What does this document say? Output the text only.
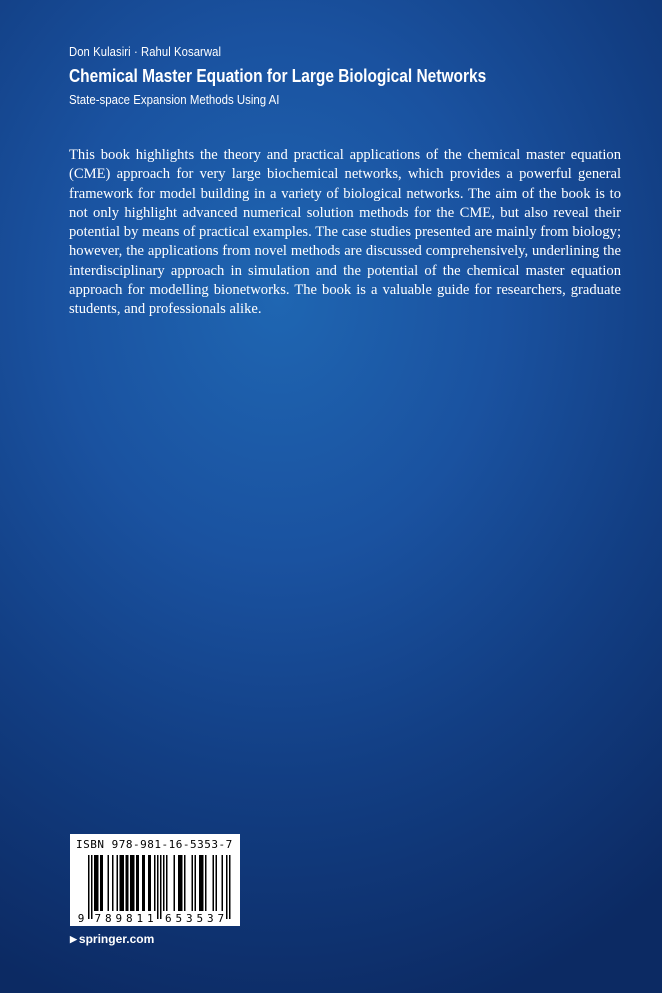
Don Kulasiri · Rahul Kosarwal
Chemical Master Equation for Large Biological Networks
State-space Expansion Methods Using AI

This book highlights the theory and practical applications of the chemical master equation (CME) approach for very large biochemical networks, which provides a powerful general framework for model building in a variety of biological networks. The aim of the book is to not only highlight advanced numerical solution methods for the CME, but also reveal their potential by means of practical examples. The case studies presented are mainly from biology; however, the applications from novel methods are discussed comprehensively, underlining the interdisciplinary approach in simulation and the potential of the chemical master equation approach for modelling bionetworks. The book is a valuable guide for researchers, graduate students, and professionals alike.

ISBN 978-981-16-5353-7
9 7 8 9 8 1 1 6 5 3 5 3 7
▶ springer.com
